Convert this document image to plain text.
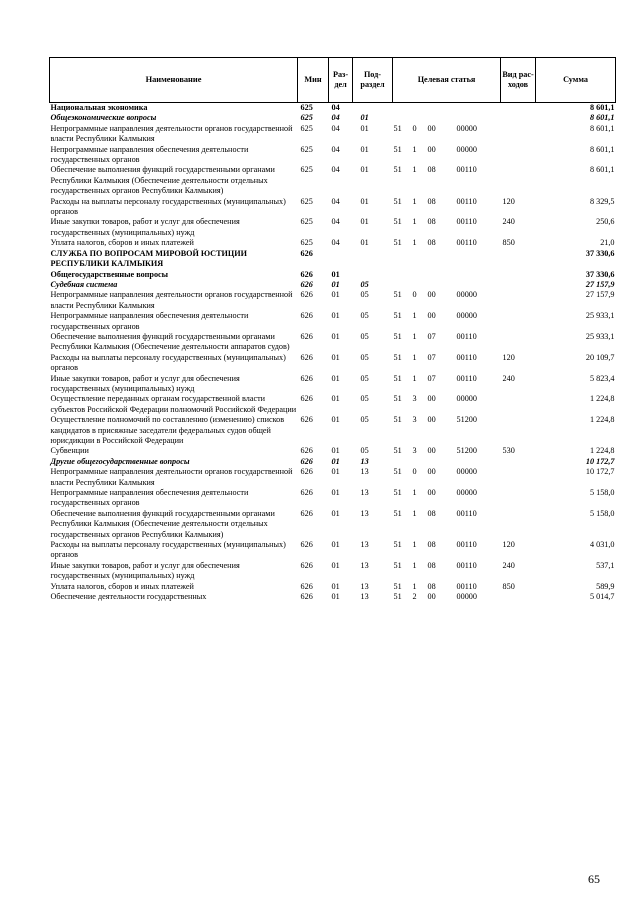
Наименование	Мин	Раз- дел	Под- раздел	Целевая статья				Вид рас- ходов	Сумма
Национальная экономика	625	04							8 601,1
Общеэкономические вопросы	625	04	01						8 601,1
Непрограммные направления деятельности органов государственной власти Республики Калмыкия	625	04	01	51	0	00	00000		8 601,1
Непрограммные направления обеспечения деятельности государственных органов	625	04	01	51	1	00	00000		8 601,1
Обеспечение выполнения функций государственными органами Республики Калмыкия (Обеспечение деятельности отдельных государственных органов Республики Калмыкия)	625	04	01	51	1	08	00110		8 601,1
Расходы на выплаты персоналу государственных (муниципальных) органов	625	04	01	51	1	08	00110	120	8 329,5
Иные закупки товаров, работ и услуг для обеспечения государственных (муниципальных) нужд	625	04	01	51	1	08	00110	240	250,6
Уплата налогов, сборов и иных платежей	625	04	01	51	1	08	00110	850	21,0
СЛУЖБА ПО ВОПРОСАМ МИРОВОЙ ЮСТИЦИИ РЕСПУБЛИКИ КАЛМЫКИЯ	626								37 330,6
Общегосударственные вопросы	626	01							37 330,6
Судебная система	626	01	05						27 157,9
Непрограммные направления деятельности органов государственной власти Республики Калмыкия	626	01	05	51	0	00	00000		27 157,9
Непрограммные направления обеспечения деятельности государственных органов	626	01	05	51	1	00	00000		25 933,1
Обеспечение выполнения функций государственными органами Республики Калмыкия (Обеспечение деятельности аппаратов судов)	626	01	05	51	1	07	00110		25 933,1
Расходы на выплаты персоналу государственных (муниципальных) органов	626	01	05	51	1	07	00110	120	20 109,7
Иные закупки товаров, работ и услуг для обеспечения государственных (муниципальных) нужд	626	01	05	51	1	07	00110	240	5 823,4
Осуществление переданных органам государственной власти субъектов Российской Федерации полномочий Российской Федерации	626	01	05	51	3	00	00000		1 224,8
Осуществление полномочий по составлению (изменению) списков кандидатов в присяжные заседатели федеральных судов общей юрисдикции в Российской Федерации	626	01	05	51	3	00	51200		1 224,8
Субвенции	626	01	05	51	3	00	51200	530	1 224,8
Другие общегосударственные вопросы	626	01	13						10 172,7
Непрограммные направления деятельности органов государственной власти Республики Калмыкия	626	01	13	51	0	00	00000		10 172,7
Непрограммные направления обеспечения деятельности государственных органов	626	01	13	51	1	00	00000		5 158,0
Обеспечение выполнения функций государственными органами Республики Калмыкия (Обеспечение деятельности отдельных государственных органов Республики Калмыкия)	626	01	13	51	1	08	00110		5 158,0
Расходы на выплаты персоналу государственных (муниципальных) органов	626	01	13	51	1	08	00110	120	4 031,0
Иные закупки товаров, работ и услуг для обеспечения государственных (муниципальных) нужд	626	01	13	51	1	08	00110	240	537,1
Уплата налогов, сборов и иных платежей	626	01	13	51	1	08	00110	850	589,9
Обеспечение деятельности государственных	626	01	13	51	2	00	00000		5 014,7
65
